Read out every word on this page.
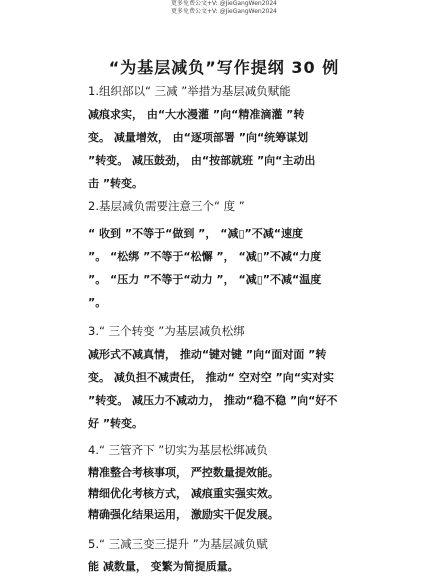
更多免费公文+V: @JieGangWen2024
更多免费公文+V: @JieGangWen2024
“为基层减负”写作提纲 30 例
1.组织部以“ 三减 ”举措为基层减负赋能
减痕求实， 由“大水漫灌 ”向“精准滴灌 ”转
变。 减量增效， 由“逐项部署 ”向“统筹谋划
”转变。 减压鼓劲， 由“按部就班 ”向“主动出
击 ”转变。
2.基层减负需要注意三个“ 度 ”
“ 收到 ”不等于“做到 ”， “减▯”不减“速度
”。 “松绑 ”不等于“松懈 ”， “减▯”不减“力度
”。 “压力 ”不等于“动力 ”， “减▯”不减“温度
”。
3.“ 三个转变 ”为基层减负松绑
减形式不减真情， 推动“键对键 ”向“面对面 ”转
变。 减负担不减责任， 推动“ 空对空 ”向“实对实
”转变。 减压力不减动力， 推动“稳不稳 ”向“好不
好 ”转变。
4.“ 三管齐下 ”切实为基层松绑减负
精准整合考核事项， 严控数量提效能。
精细优化考核方式， 减痕重实强实效。
精确强化结果运用， 激励实干促发展。
5.“ 三减三变三提升 ”为基层减负赋
能 减数量， 变繁为简提质量。
